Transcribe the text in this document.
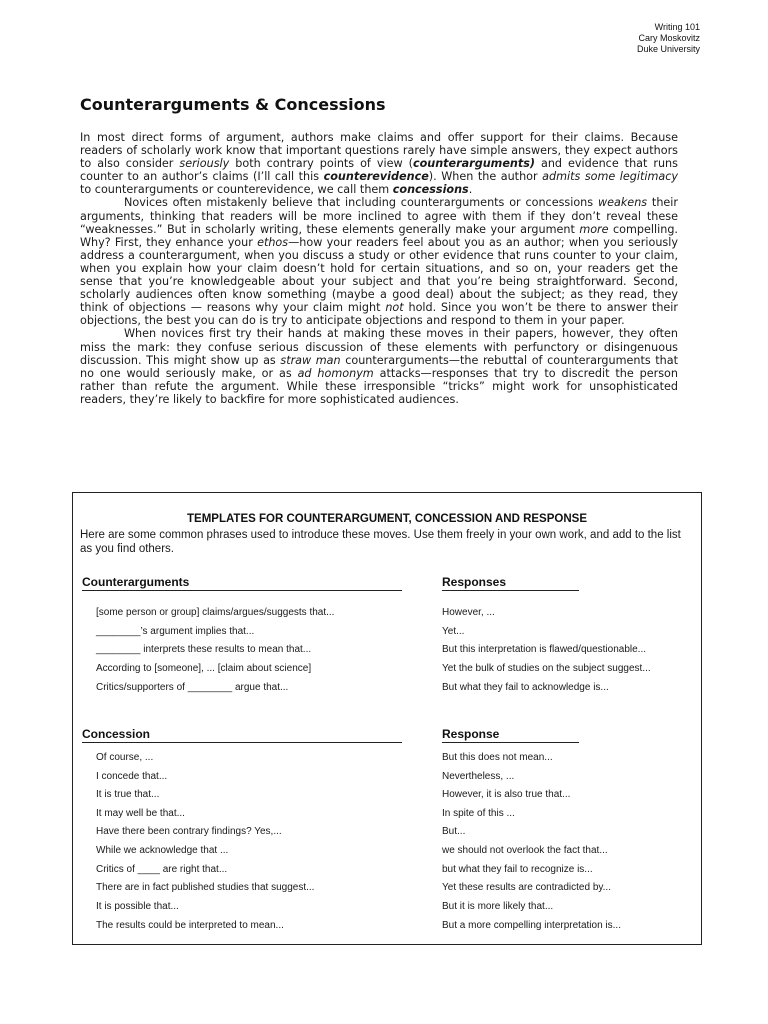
Writing 101
Cary Moskovitz
Duke University
Counterarguments & Concessions

In most direct forms of argument, authors make claims and offer support for their claims. Because readers of scholarly work know that important questions rarely have simple answers, they expect authors to also consider seriously both contrary points of view (counterarguments) and evidence that runs counter to an author’s claims (I’ll call this counterevidence). When the author admits some legitimacy to counterarguments or counterevidence, we call them concessions.

Novices often mistakenly believe that including counterarguments or concessions weakens their arguments, thinking that readers will be more inclined to agree with them if they don’t reveal these “weaknesses.” But in scholarly writing, these elements generally make your argument more compelling. Why? First, they enhance your ethos—how your readers feel about you as an author; when you seriously address a counterargument, when you discuss a study or other evidence that runs counter to your claim, when you explain how your claim doesn’t hold for certain situations, and so on, your readers get the sense that you’re knowledgeable about your subject and that you’re being straightforward. Second, scholarly audiences often know something (maybe a good deal) about the subject; as they read, they think of objections — reasons why your claim might not hold. Since you won’t be there to answer their objections, the best you can do is try to anticipate objections and respond to them in your paper.

When novices first try their hands at making these moves in their papers, however, they often miss the mark: they confuse serious discussion of these elements with perfunctory or disingenuous discussion. This might show up as straw man counterarguments—the rebuttal of counterarguments that no one would seriously make, or as ad homonym attacks—responses that try to discredit the person rather than refute the argument. While these irresponsible “tricks” might work for unsophisticated readers, they’re likely to backfire for more sophisticated audiences.

TEMPLATES FOR COUNTERARGUMENT, CONCESSION AND RESPONSE
Here are some common phrases used to introduce these moves. Use them freely in your own work, and add to the list as you find others.
Counterarguments	Responses
[some person or group] claims/argues/suggests that...	However, ...
________’s argument implies that...	Yet...
________ interprets these results to mean that...	But this interpretation is flawed/questionable...
According to [someone], ... [claim about science]	Yet the bulk of studies on the subject suggest...
Critics/supporters of ________ argue that...	But what they fail to acknowledge is...
Concession	Response
Of course, ...	But this does not mean...
I concede that...	Nevertheless, ...
It is true that...	However, it is also true that...
It may well be that...	In spite of this ...
Have there been contrary findings? Yes,...	But...
While we acknowledge that ...	we should not overlook the fact that...
Critics of ____ are right that...	but what they fail to recognize is...
There are in fact published studies that suggest...	Yet these results are contradicted by...
It is possible that...	But it is more likely that...
The results could be interpreted to mean...	But a more compelling interpretation is...
